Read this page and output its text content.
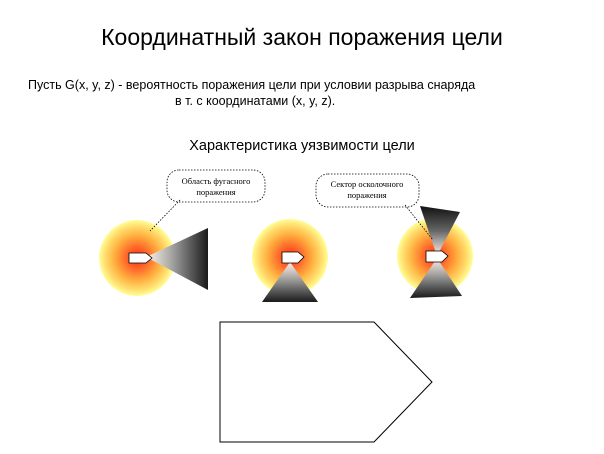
Координатный закон поражения цели
Пусть G(x, y, z) - вероятность поражения цели при условии разрыва снаряда
в т. с координатами (x, y, z).
Характеристика уязвимости цели
Область фугасного
поражения
Сектор осколочного
поражения
